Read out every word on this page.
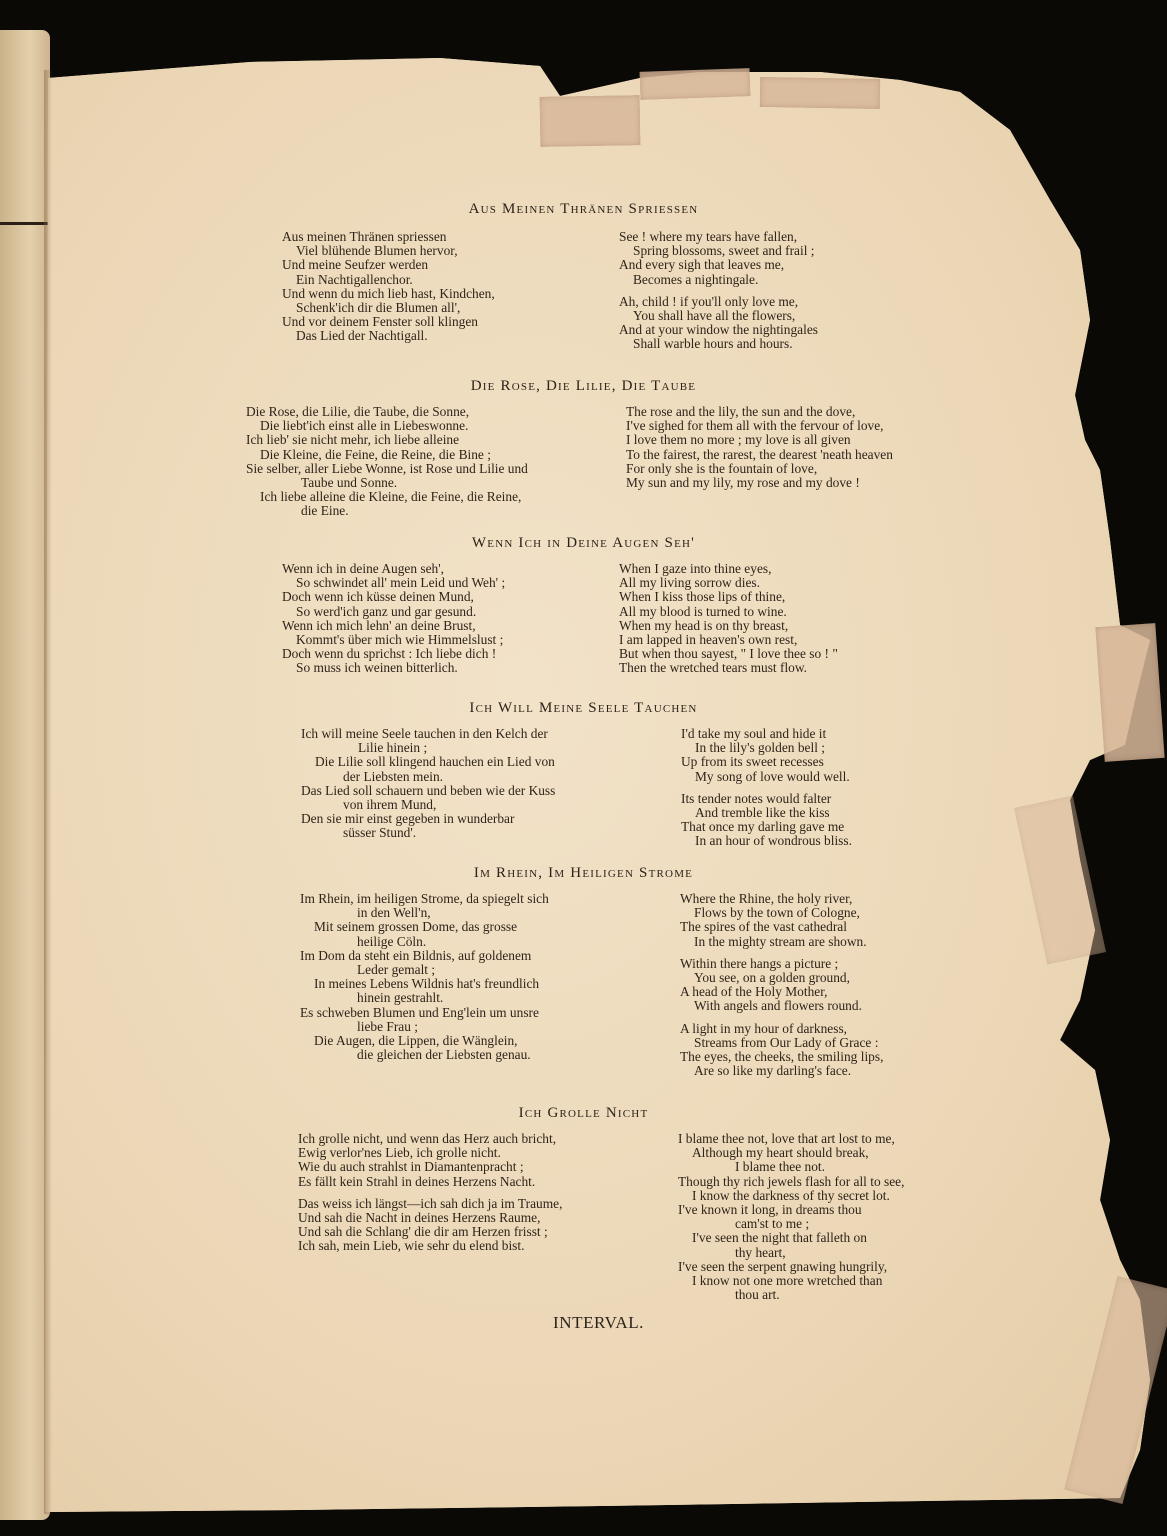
Aus Meinen Thränen Spriessen
Aus meinen Thränen spriessen
Viel blühende Blumen hervor,
Und meine Seufzer werden
Ein Nachtigallenchor.
Und wenn du mich lieb hast, Kindchen,
Schenk'ich dir die Blumen all',
Und vor deinem Fenster soll klingen
Das Lied der Nachtigall.
See ! where my tears have fallen,
Spring blossoms, sweet and frail ;
And every sigh that leaves me,
Becomes a nightingale.
Ah, child ! if you'll only love me,
You shall have all the flowers,
And at your window the nightingales
Shall warble hours and hours.
Die Rose, Die Lilie, Die Taube
Die Rose, die Lilie, die Taube, die Sonne,
Die liebt'ich einst alle in Liebeswonne.
Ich lieb' sie nicht mehr, ich liebe alleine
Die Kleine, die Feine, die Reine, die Bine ;
Sie selber, aller Liebe Wonne, ist Rose und Lilie und
Taube und Sonne.
Ich liebe alleine die Kleine, die Feine, die Reine,
die Eine.
The rose and the lily, the sun and the dove,
I've sighed for them all with the fervour of love,
I love them no more ; my love is all given
To the fairest, the rarest, the dearest 'neath heaven
For only she is the fountain of love,
My sun and my lily, my rose and my dove !
Wenn Ich in Deine Augen Seh'
Wenn ich in deine Augen seh',
So schwindet all' mein Leid und Weh' ;
Doch wenn ich küsse deinen Mund,
So werd'ich ganz und gar gesund.
Wenn ich mich lehn' an deine Brust,
Kommt's über mich wie Himmelslust ;
Doch wenn du sprichst : Ich liebe dich !
So muss ich weinen bitterlich.
When I gaze into thine eyes,
All my living sorrow dies.
When I kiss those lips of thine,
All my blood is turned to wine.
When my head is on thy breast,
I am lapped in heaven's own rest,
But when thou sayest, " I love thee so ! "
Then the wretched tears must flow.
Ich Will Meine Seele Tauchen
Ich will meine Seele tauchen in den Kelch der
Lilie hinein ;
Die Lilie soll klingend hauchen ein Lied von
der Liebsten mein.
Das Lied soll schauern und beben wie der Kuss
von ihrem Mund,
Den sie mir einst gegeben in wunderbar
süsser Stund'.
I'd take my soul and hide it
In the lily's golden bell ;
Up from its sweet recesses
My song of love would well.
Its tender notes would falter
And tremble like the kiss
That once my darling gave me
In an hour of wondrous bliss.
Im Rhein, Im Heiligen Strome
Im Rhein, im heiligen Strome, da spiegelt sich
in den Well'n,
Mit seinem grossen Dome, das grosse
heilige Cöln.
Im Dom da steht ein Bildnis, auf goldenem
Leder gemalt ;
In meines Lebens Wildnis hat's freundlich
hinein gestrahlt.
Es schweben Blumen und Eng'lein um unsre
liebe Frau ;
Die Augen, die Lippen, die Wänglein,
die gleichen der Liebsten genau.
Where the Rhine, the holy river,
Flows by the town of Cologne,
The spires of the vast cathedral
In the mighty stream are shown.
Within there hangs a picture ;
You see, on a golden ground,
A head of the Holy Mother,
With angels and flowers round.
A light in my hour of darkness,
Streams from Our Lady of Grace :
The eyes, the cheeks, the smiling lips,
Are so like my darling's face.
Ich Grolle Nicht
Ich grolle nicht, und wenn das Herz auch bricht,
Ewig verlor'nes Lieb, ich grolle nicht.
Wie du auch strahlst in Diamantenpracht ;
Es fällt kein Strahl in deines Herzens Nacht.
Das weiss ich längst—ich sah dich ja im Traume,
Und sah die Nacht in deines Herzens Raume,
Und sah die Schlang' die dir am Herzen frisst ;
Ich sah, mein Lieb, wie sehr du elend bist.
I blame thee not, love that art lost to me,
Although my heart should break,
I blame thee not.
Though thy rich jewels flash for all to see,
I know the darkness of thy secret lot.
I've known it long, in dreams thou
cam'st to me ;
I've seen the night that falleth on
thy heart,
I've seen the serpent gnawing hungrily,
I know not one more wretched than
thou art.
INTERVAL.
